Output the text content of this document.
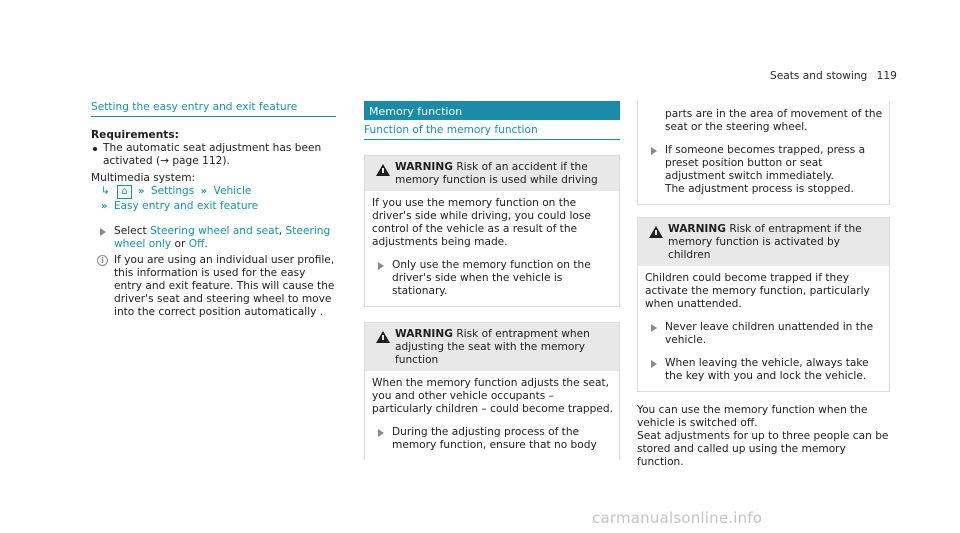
Seats and stowing 119
Setting the easy entry and exit feature
Requirements:
The automatic seat adjustment has been activated (→ page 112).
Multimedia system:
↳ ⌂ » Settings » Vehicle
» Easy entry and exit feature
Select Steering wheel and seat, Steering wheel only or Off.
i If you are using an individual user profile, this information is used for the easy entry and exit feature. This will cause the driver's seat and steering wheel to move into the correct position automatically .
Memory function
Function of the memory function
WARNING Risk of an accident if the memory function is used while driving
If you use the memory function on the driver's side while driving, you could lose control of the vehicle as a result of the adjustments being made.
Only use the memory function on the driver's side when the vehicle is stationary.
WARNING Risk of entrapment when adjusting the seat with the memory function
When the memory function adjusts the seat, you and other vehicle occupants – particularly children – could become trapped.
During the adjusting process of the memory function, ensure that no body
parts are in the area of movement of the seat or the steering wheel.
If someone becomes trapped, press a preset position button or seat adjustment switch immediately.
The adjustment process is stopped.
WARNING Risk of entrapment if the memory function is activated by children
Children could become trapped if they activate the memory function, particularly when unattended.
Never leave children unattended in the vehicle.
When leaving the vehicle, always take the key with you and lock the vehicle.
You can use the memory function when the vehicle is switched off.
Seat adjustments for up to three people can be stored and called up using the memory function.
carmanualsonline.info
